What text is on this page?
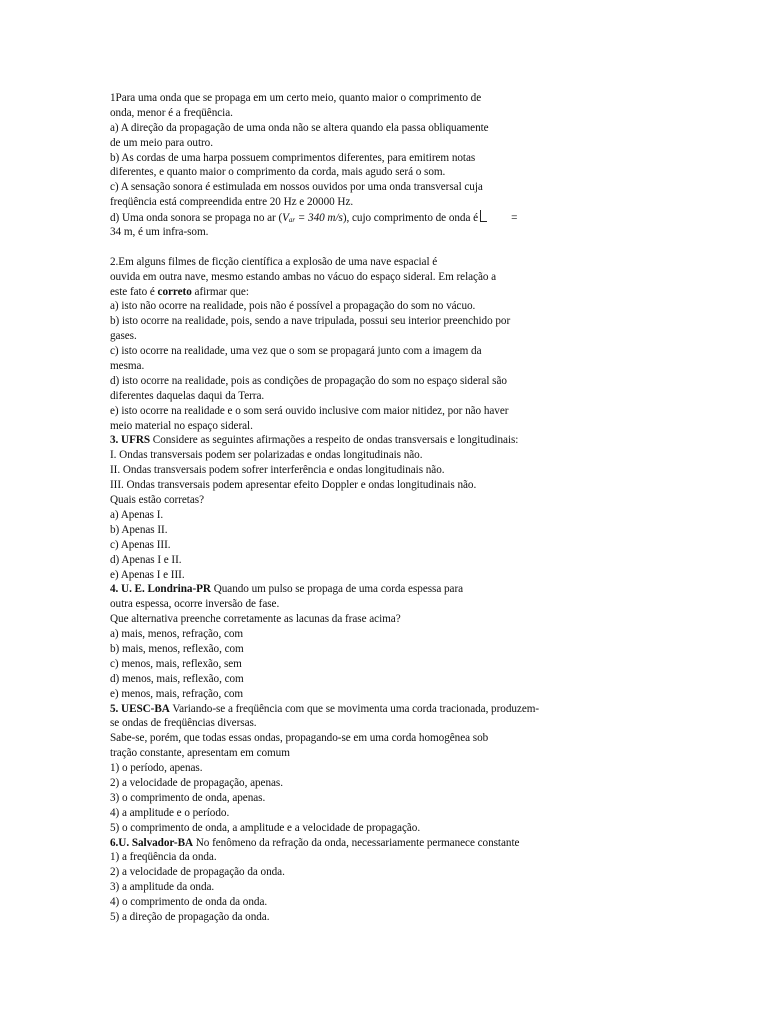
1Para uma onda que se propaga em um certo meio, quanto maior o comprimento de
onda, menor é a freqüência.
a) A direção da propagação de uma onda não se altera quando ela passa obliquamente
de um meio para outro.
b) As cordas de uma harpa possuem comprimentos diferentes, para emitirem notas
diferentes, e quanto maior o comprimento da corda, mais agudo será o som.
c) A sensação sonora é estimulada em nossos ouvidos por uma onda transversal cuja
freqüência está compreendida entre 20 Hz e 20000 Hz.
d) Uma onda sonora se propaga no ar ($V_{ar} = 340$ m/s), cujo comprimento de onda é	=
34 m, é um infra-som.
2.Em alguns filmes de ficção científica a explosão de uma nave espacial é
ouvida em outra nave, mesmo estando ambas no vácuo do espaço sideral. Em relação a
este fato é correto afirmar que:
a) isto não ocorre na realidade, pois não é possível a propagação do som no vácuo.
b) isto ocorre na realidade, pois, sendo a nave tripulada, possui seu interior preenchido por
gases.
c) isto ocorre na realidade, uma vez que o som se propagará junto com a imagem da
mesma.
d) isto ocorre na realidade, pois as condições de propagação do som no espaço sideral são
diferentes daquelas daqui da Terra.
e) isto ocorre na realidade e o som será ouvido inclusive com maior nitidez, por não haver
meio material no espaço sideral.
3. UFRS Considere as seguintes afirmações a respeito de ondas transversais e longitudinais:
I. Ondas transversais podem ser polarizadas e ondas longitudinais não.
II. Ondas transversais podem sofrer interferência e ondas longitudinais não.
III. Ondas transversais podem apresentar efeito Doppler e ondas longitudinais não.
Quais estão corretas?
a) Apenas I.
b) Apenas II.
c) Apenas III.
d) Apenas I e II.
e) Apenas I e III.
4. U. E. Londrina-PR Quando um pulso se propaga de uma corda espessa para
outra espessa, ocorre inversão de fase.
Que alternativa preenche corretamente as lacunas da frase acima?
a) mais, menos, refração, com
b) mais, menos, reflexão, com
c) menos, mais, reflexão, sem
d) menos, mais, reflexão, com
e) menos, mais, refração, com
5. UESC-BA Variando-se a freqüência com que se movimenta uma corda tracionada, produzem-
se ondas de freqüências diversas.
Sabe-se, porém, que todas essas ondas, propagando-se em uma corda homogênea sob
tração constante, apresentam em comum
1) o período, apenas.
2) a velocidade de propagação, apenas.
3) o comprimento de onda, apenas.
4) a amplitude e o período.
5) o comprimento de onda, a amplitude e a velocidade de propagação.
6.U. Salvador-BA No fenômeno da refração da onda, necessariamente permanece constante
1) a freqüência da onda.
2) a velocidade de propagação da onda.
3) a amplitude da onda.
4) o comprimento de onda da onda.
5) a direção de propagação da onda.
